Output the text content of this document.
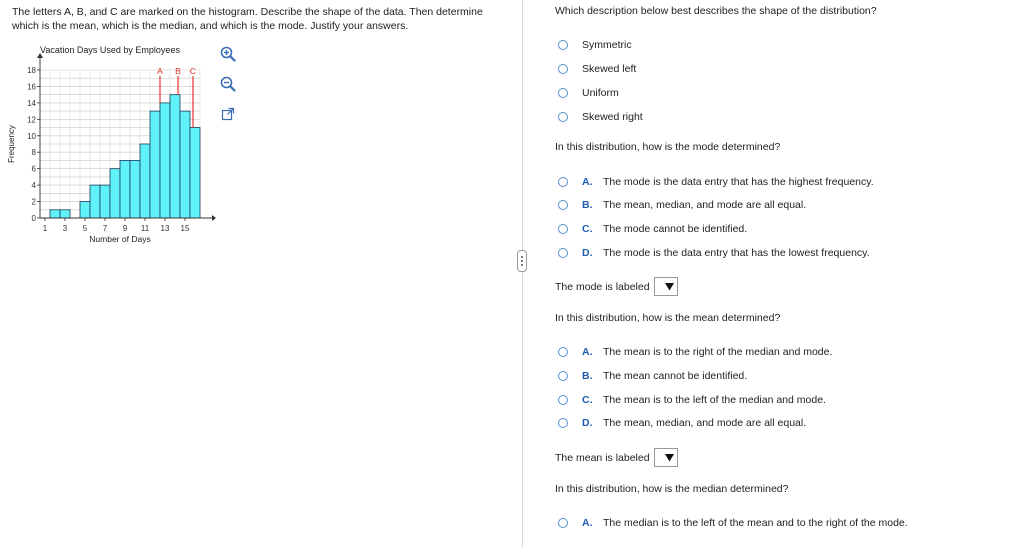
The letters A, B, and C are marked on the histogram. Describe the shape of the data. Then determine which is the mean, which is the median, and which is the mode. Justify your answers.
Vacation Days Used by Employees
0
2
4
6
8
10
12
14
16
18
1 3 5 7 9 11 13 15
Number of Days
Frequency
A B C
Which description below best describes the shape of the distribution?
Symmetric
Skewed left
Uniform
Skewed right
In this distribution, how is the mode determined?
A.	The mode is the data entry that has the highest frequency.
B.	The mean, median, and mode are all equal.
C.	The mode cannot be identified.
D.	The mode is the data entry that has the lowest frequency.
The mode is labeled
In this distribution, how is the mean determined?
A.	The mean is to the right of the median and mode.
B.	The mean cannot be identified.
C.	The mean is to the left of the median and mode.
D.	The mean, median, and mode are all equal.
The mean is labeled
In this distribution, how is the median determined?
A.	The median is to the left of the mean and to the right of the mode.
